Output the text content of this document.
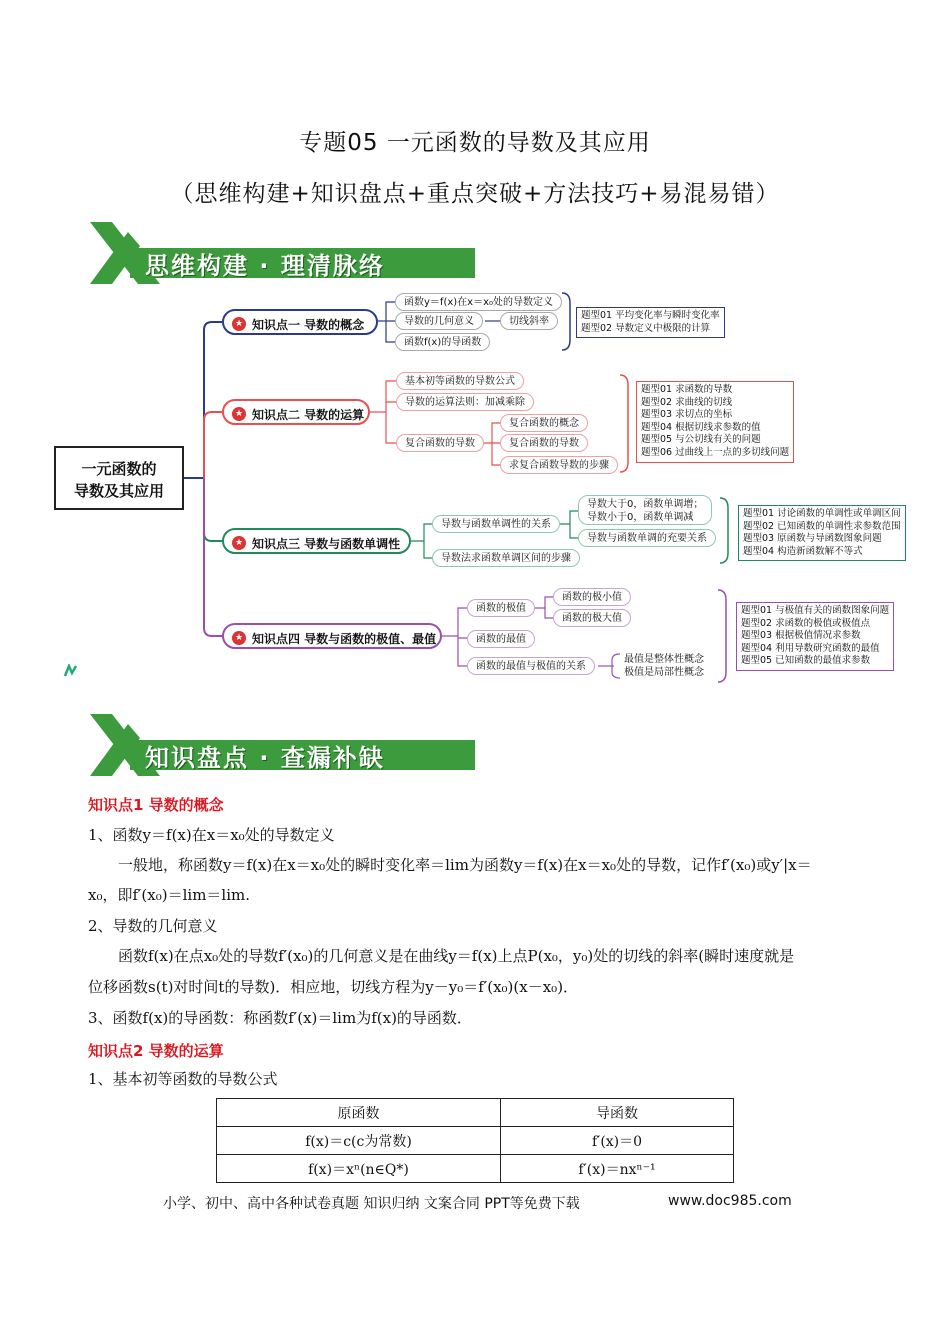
专题05 一元函数的导数及其应用
（思维构建+知识盘点+重点突破+方法技巧+易混易错）
思维构建 · 理清脉络
一元函数的
导数及其应用
★ 知识点一 导数的概念
函数y＝f(x)在x＝x₀处的导数定义
导数的几何意义
函数f(x)的导函数
切线斜率
题型01 平均变化率与瞬时变化率
题型02 导数定义中极限的计算
★ 知识点二 导数的运算
基本初等函数的导数公式
导数的运算法则：加减乘除
复合函数的导数
复合函数的概念
复合函数的导数
求复合函数导数的步骤
题型01 求函数的导数
题型02 求曲线的切线
题型03 求切点的坐标
题型04 根据切线求参数的值
题型05 与公切线有关的问题
题型06 过曲线上一点的多切线问题
★ 知识点三 导数与函数单调性
导数与函数单调性的关系
导数法求函数单调区间的步骤
导数大于0，函数单调增；
导数小于0，函数单调减
导数与函数单调的充要关系
题型01 讨论函数的单调性或单调区间
题型02 已知函数的单调性求参数范围
题型03 原函数与导函数图象问题
题型04 构造新函数解不等式
★ 知识点四 导数与函数的极值、最值
函数的极值
函数的最值
函数的最值与极值的关系
函数的极小值
函数的极大值
最值是整体性概念
极值是局部性概念
题型01 与极值有关的函数图象问题
题型02 求函数的极值或极值点
题型03 根据极值情况求参数
题型04 利用导数研究函数的最值
题型05 已知函数的最值求参数
知识盘点 · 查漏补缺
知识点1 导数的概念
1、函数y＝f(x)在x＝x₀处的导数定义
一般地，称函数y＝f(x)在x＝x₀处的瞬时变化率＝lim为函数y＝f(x)在x＝x₀处的导数，记作f′(x₀)或y′|x＝
x₀，即f′(x₀)＝lim＝lim.
2、导数的几何意义
函数f(x)在点x₀处的导数f′(x₀)的几何意义是在曲线y＝f(x)上点P(x₀，y₀)处的切线的斜率(瞬时速度就是
位移函数s(t)对时间t的导数)．相应地，切线方程为y－y₀＝f′(x₀)(x－x₀)．
3、函数f(x)的导函数：称函数f′(x)＝lim为f(x)的导函数．
知识点2 导数的运算
1、基本初等函数的导数公式
原函数	导函数
f(x)＝c(c为常数)	f′(x)＝0
f(x)＝xⁿ(n∈Q*)	f′(x)＝nxⁿ⁻¹
小学、初中、高中各种试卷真题 知识归纳 文案合同 PPT等免费下载	www.doc985.com
